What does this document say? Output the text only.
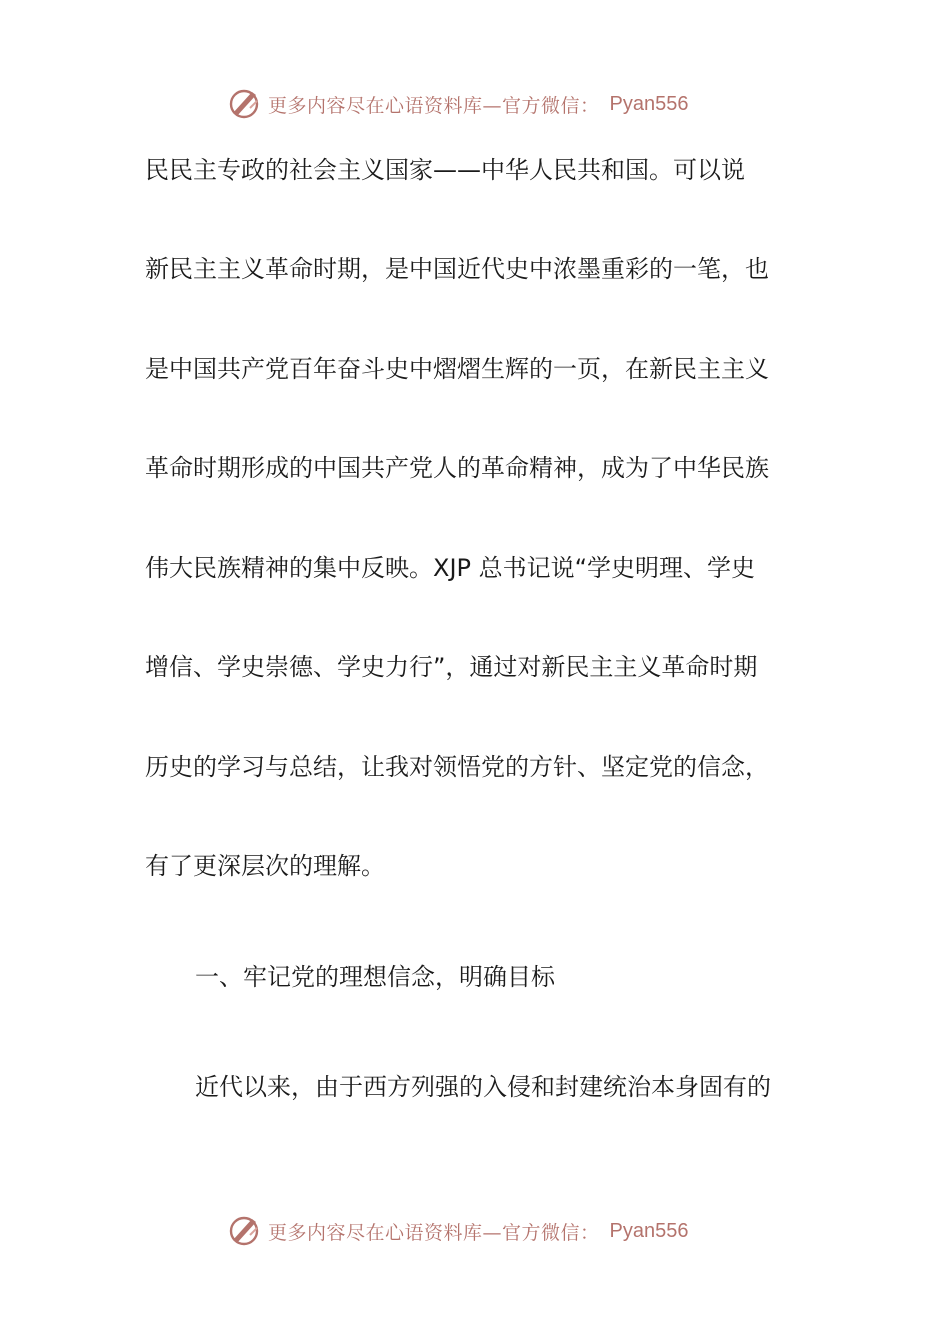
更多内容尽在心语资料库—官方微信： Pyan556
民民主专政的社会主义国家——中华人民共和国。可以说
新民主主义革命时期，是中国近代史中浓墨重彩的一笔，也
是中国共产党百年奋斗史中熠熠生辉的一页，在新民主主义
革命时期形成的中国共产党人的革命精神，成为了中华民族
伟大民族精神的集中反映。XJP 总书记说“学史明理、学史
增信、学史崇德、学史力行”，通过对新民主主义革命时期
历史的学习与总结，让我对领悟党的方针、坚定党的信念，
有了更深层次的理解。
一、牢记党的理想信念，明确目标
近代以来，由于西方列强的入侵和封建统治本身固有的
更多内容尽在心语资料库—官方微信： Pyan556
